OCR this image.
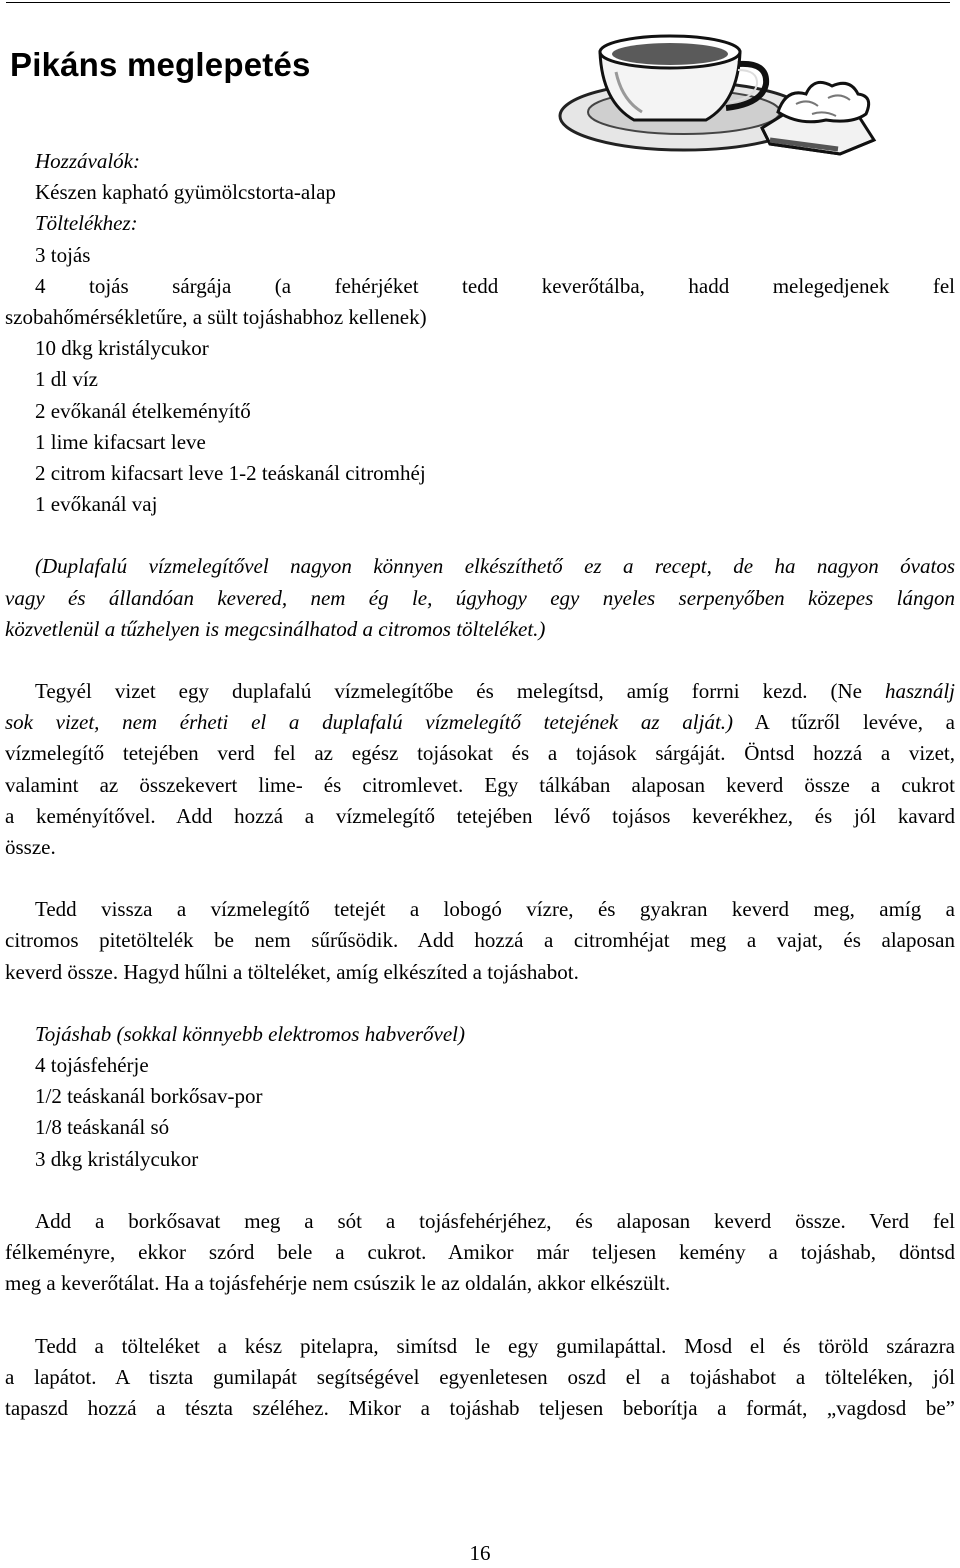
Pikáns meglepetés

Hozzávalók:

Készen kapható gyümölcstorta-alap

Töltelékhez:

3 tojás

4 tojás sárgája (a fehérjéket tedd keverőtálba, hadd melegedjenek fel

szobahőmérsékletűre, a sült tojáshabhoz kellenek)

10 dkg kristálycukor

1 dl víz

2 evőkanál ételkeményítő

1 lime kifacsart leve

2 citrom kifacsart leve 1-2 teáskanál citromhéj

1 evőkanál vaj

(Duplafalú vízmelegítővel nagyon könnyen elkészíthető ez a recept, de ha nagyon óvatos

vagy és állandóan kevered, nem ég le, úgyhogy egy nyeles serpenyőben közepes lángon

közvetlenül a tűzhelyen is megcsinálhatod a citromos tölteléket.)

Tegyél vizet egy duplafalú vízmelegítőbe és melegítsd, amíg forrni kezd. (Ne használj

sok vizet, nem érheti el a duplafalú vízmelegítő tetejének az alját.) A tűzről levéve, a

vízmelegítő tetejében verd fel az egész tojásokat és a tojások sárgáját. Öntsd hozzá a vizet,

valamint az összekevert lime- és citromlevet. Egy tálkában alaposan keverd össze a cukrot

a keményítővel. Add hozzá a vízmelegítő tetejében lévő tojásos keverékhez, és jól kavard

össze.

Tedd vissza a vízmelegítő tetejét a lobogó vízre, és gyakran keverd meg, amíg a

citromos pitetöltelék be nem sűrűsödik. Add hozzá a citromhéjat meg a vajat, és alaposan

keverd össze. Hagyd hűlni a tölteléket, amíg elkészíted a tojáshabot.

Tojáshab (sokkal könnyebb elektromos habverővel)

4 tojásfehérje

1/2 teáskanál borkősav-por

1/8 teáskanál só

3 dkg kristálycukor

Add a borkősavat meg a sót a tojásfehérjéhez, és alaposan keverd össze. Verd fel

félkeményre, ekkor szórd bele a cukrot. Amikor már teljesen kemény a tojáshab, döntsd

meg a keverőtálat. Ha a tojásfehérje nem csúszik le az oldalán, akkor elkészült.

Tedd a tölteléket a kész pitelapra, simítsd le egy gumilapáttal. Mosd el és töröld szárazra

a lapátot. A tiszta gumilapát segítségével egyenletesen oszd el a tojáshabot a tölteléken, jól

tapaszd hozzá a tészta széléhez. Mikor a tojáshab teljesen beborítja a formát, „vagdosd be”

16
